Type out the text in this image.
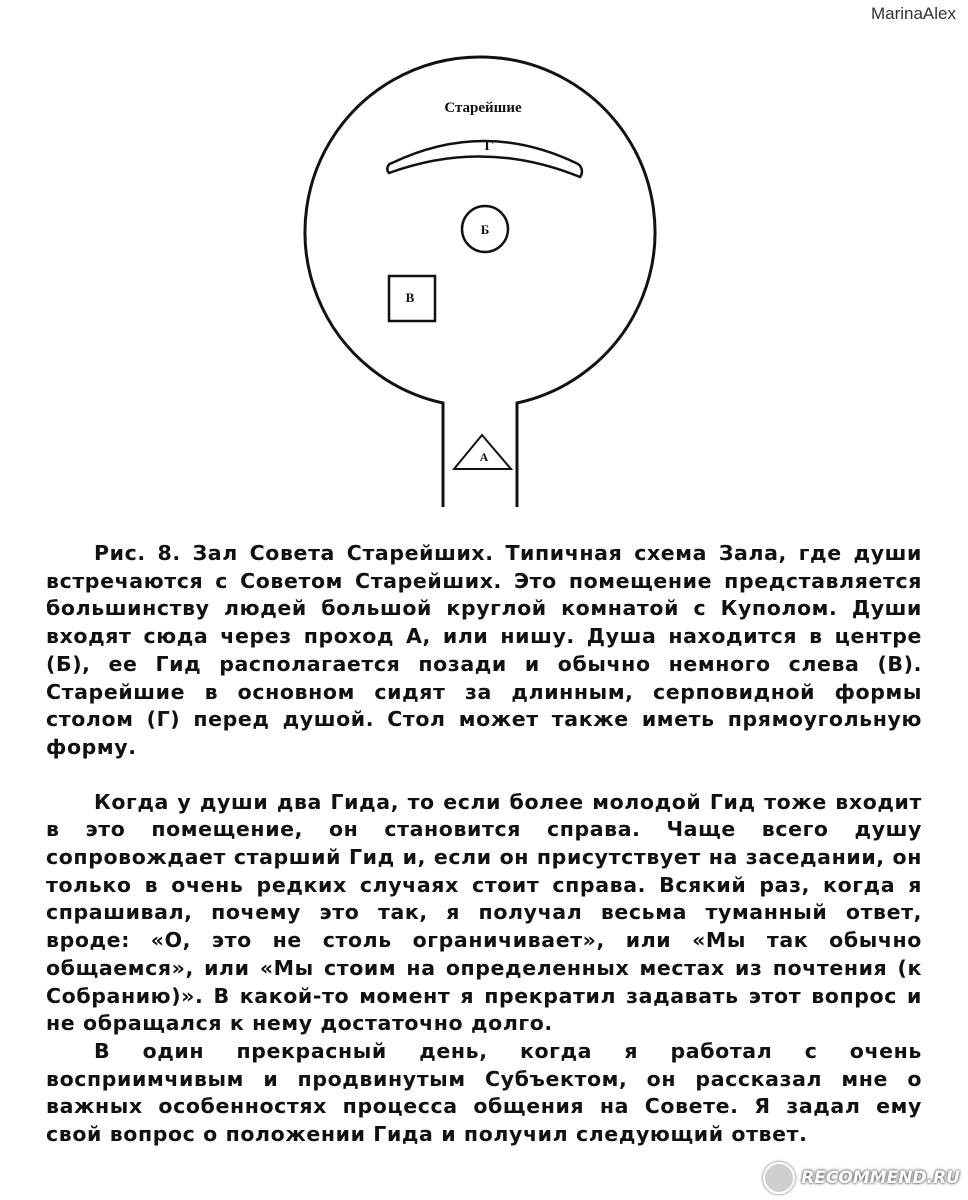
MarinaAlex
Старейшие
Г
Б
В
А

Рис. 8. Зал Совета Старейших. Типичная схема Зала, где души встречаются с Советом Старейших. Это помещение представляется большинству людей большой круглой комнатой с Куполом. Души входят сюда через проход А, или нишу. Душа находится в центре (Б), ее Гид располагается позади и обычно немного слева (В). Старейшие в основном сидят за длинным, серповидной формы столом (Г) перед душой. Стол может также иметь прямоугольную форму.

Когда у души два Гида, то если более молодой Гид тоже входит в это помещение, он становится справа. Чаще всего душу сопровождает старший Гид и, если он присутствует на заседании, он только в очень редких случаях стоит справа. Всякий раз, когда я спрашивал, почему это так, я получал весьма туманный ответ, вроде: «О, это не столь ограничивает», или «Мы так обычно общаемся», или «Мы стоим на определенных местах из почтения (к Собранию)». В какой-то момент я прекратил задавать этот вопрос и не обращался к нему достаточно долго.

В один прекрасный день, когда я работал с очень восприимчивым и продвинутым Субъектом, он рассказал мне о важных особенностях процесса общения на Совете. Я задал ему свой вопрос о положении Гида и получил следующий ответ.

RECOMMEND.RU
